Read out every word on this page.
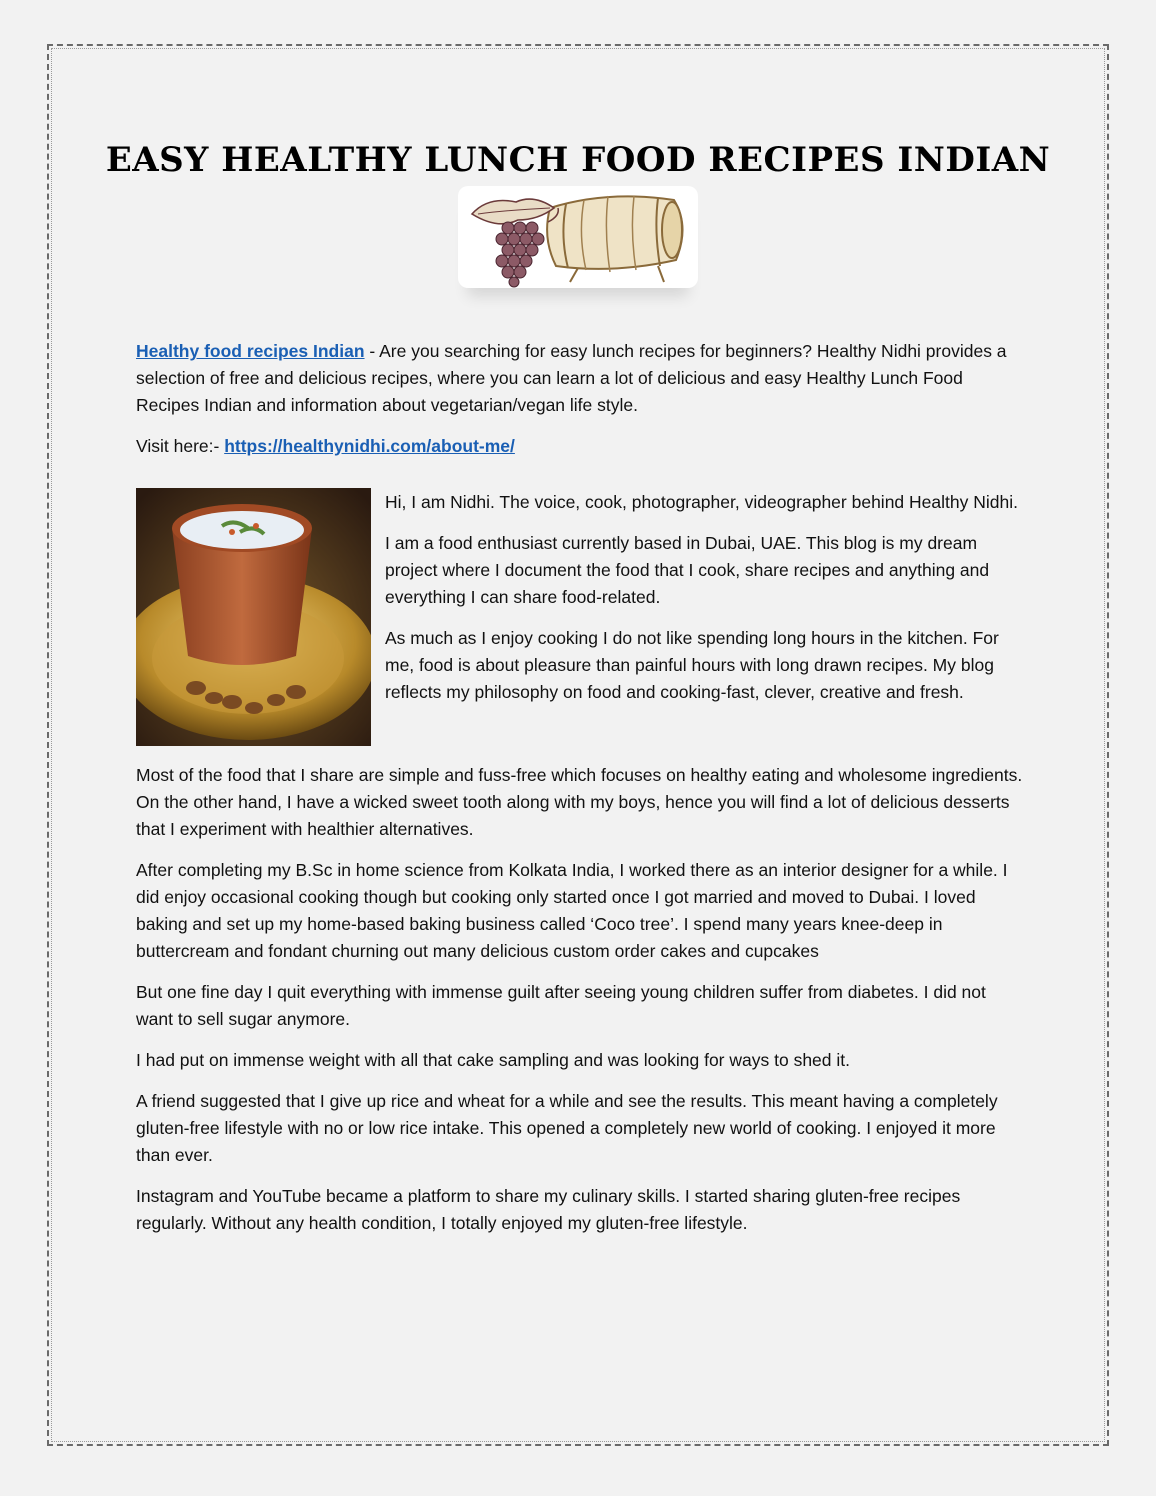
EASY HEALTHY LUNCH FOOD RECIPES INDIAN

Healthy food recipes Indian - Are you searching for easy lunch recipes for beginners? Healthy Nidhi provides a selection of free and delicious recipes, where you can learn a lot of delicious and easy Healthy Lunch Food Recipes Indian and information about vegetarian/vegan life style.

Visit here:- https://healthynidhi.com/about-me/

Hi, I am Nidhi. The voice, cook, photographer, videographer behind Healthy Nidhi.

I am a food enthusiast currently based in Dubai, UAE. This blog is my dream project where I document the food that I cook, share recipes and anything and everything I can share food-related.

As much as I enjoy cooking I do not like spending long hours in the kitchen. For me, food is about pleasure than painful hours with long drawn recipes. My blog reflects my philosophy on food and cooking-fast, clever, creative and fresh.

Most of the food that I share are simple and fuss-free which focuses on healthy eating and wholesome ingredients. On the other hand, I have a wicked sweet tooth along with my boys, hence you will find a lot of delicious desserts that I experiment with healthier alternatives.

After completing my B.Sc in home science from Kolkata India, I worked there as an interior designer for a while. I did enjoy occasional cooking though but cooking only started once I got married and moved to Dubai. I loved baking and set up my home-based baking business called ‘Coco tree’. I spend many years knee-deep in buttercream and fondant churning out many delicious custom order cakes and cupcakes

But one fine day I quit everything with immense guilt after seeing young children suffer from diabetes. I did not want to sell sugar anymore.

I had put on immense weight with all that cake sampling and was looking for ways to shed it.

A friend suggested that I give up rice and wheat for a while and see the results. This meant having a completely gluten-free lifestyle with no or low rice intake. This opened a completely new world of cooking. I enjoyed it more than ever.

Instagram and YouTube became a platform to share my culinary skills. I started sharing gluten-free recipes regularly. Without any health condition, I totally enjoyed my gluten-free lifestyle.
